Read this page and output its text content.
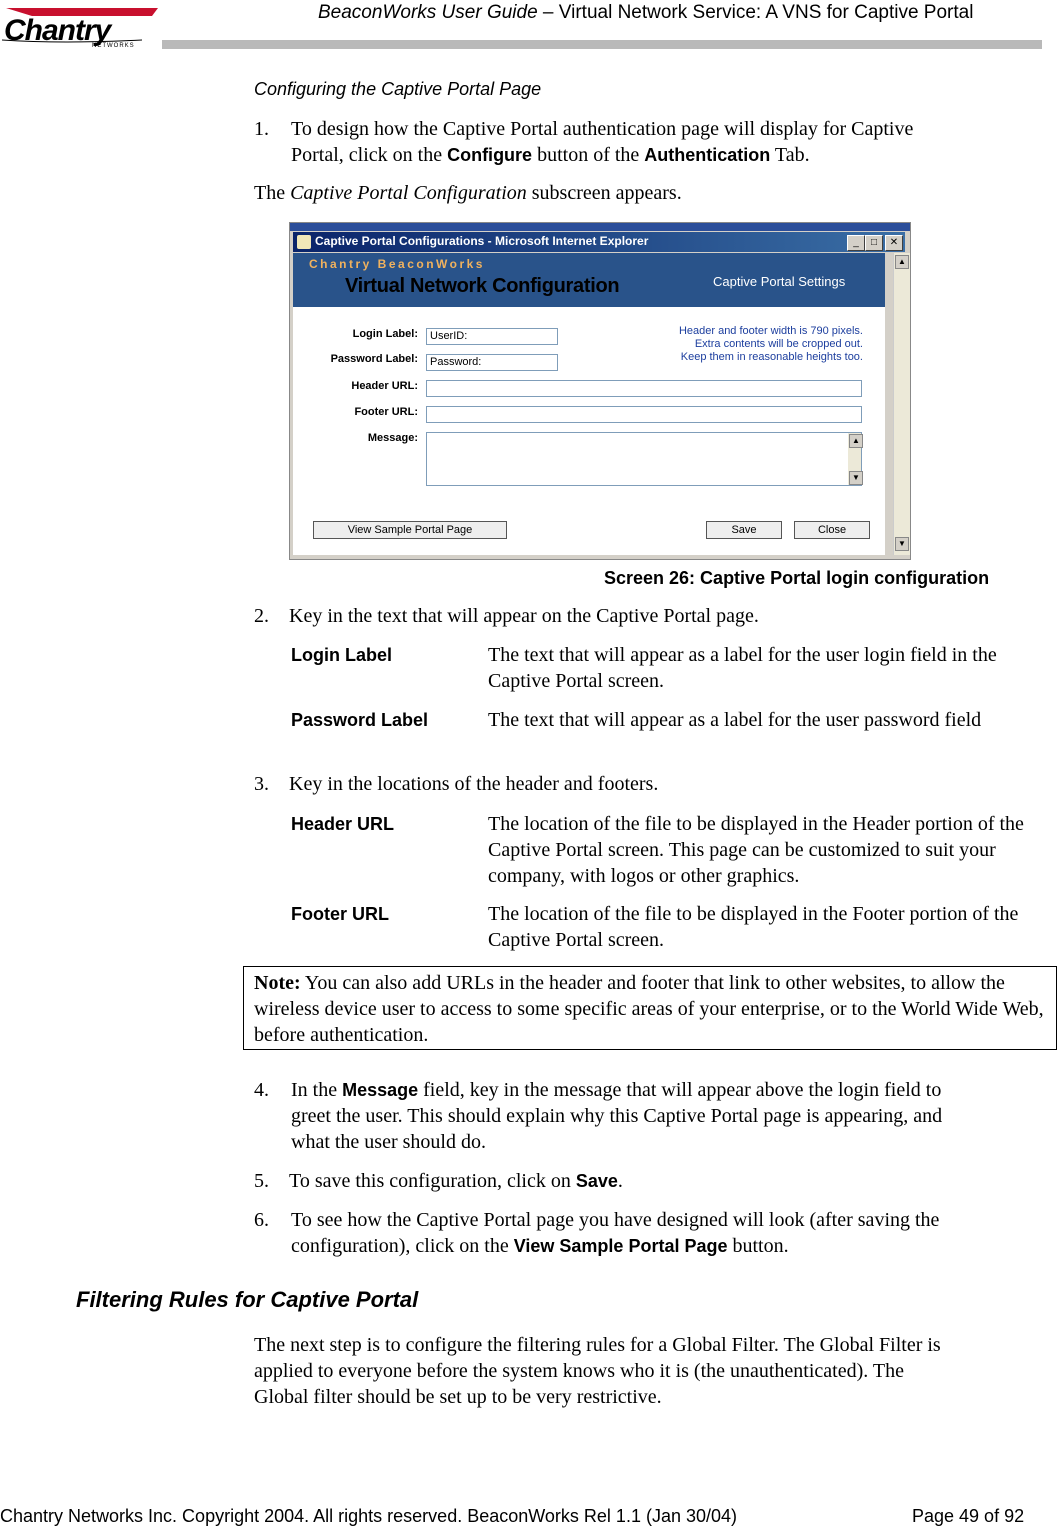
Chantry
NETWORKS
BeaconWorks User Guide – Virtual Network Service: A VNS for Captive Portal
Configuring the Captive Portal Page
1.	To design how the Captive Portal authentication page will display for Captive
Portal, click on the Configure button of the Authentication Tab.
The Captive Portal Configuration subscreen appears.
Captive Portal Configurations - Microsoft Internet Explorer	_	□	✕
Chantry BeaconWorks
Virtual Network Configuration	Captive Portal Settings
Login Label:	UserID:
Password Label:	Password:
Header URL:
Footer URL:
Header and footer width is 790 pixels.
Extra contents will be cropped out.
Keep them in reasonable heights too.
Message:	▲
▼
View Sample Portal Page	Save	Close
▲
▼
Screen 26: Captive Portal login configuration
2. Key in the text that will appear on the Captive Portal page.
Login Label	The text that will appear as a label for the user login field in the Captive Portal screen.
Password Label	The text that will appear as a label for the user password field
3. Key in the locations of the header and footers.
Header URL	The location of the file to be displayed in the Header portion of the Captive Portal screen. This page can be customized to suit your company, with logos or other graphics.
Footer URL	The location of the file to be displayed in the Footer portion of the Captive Portal screen.
Note: You can also add URLs in the header and footer that link to other websites, to allow the wireless device user to access to some specific areas of your enterprise, or to the World Wide Web, before authentication.
4.	In the Message field, key in the message that will appear above the login field to
greet the user. This should explain why this Captive Portal page is appearing, and
what the user should do.
5. To save this configuration, click on Save.
6.	To see how the Captive Portal page you have designed will look (after saving the
configuration), click on the View Sample Portal Page button.
Filtering Rules for Captive Portal
The next step is to configure the filtering rules for a Global Filter. The Global Filter is
applied to everyone before the system knows who it is (the unauthenticated). The
Global filter should be set up to be very restrictive.
Chantry Networks Inc. Copyright 2004. All rights reserved. BeaconWorks Rel 1.1 (Jan 30/04)	Page 49 of 92
